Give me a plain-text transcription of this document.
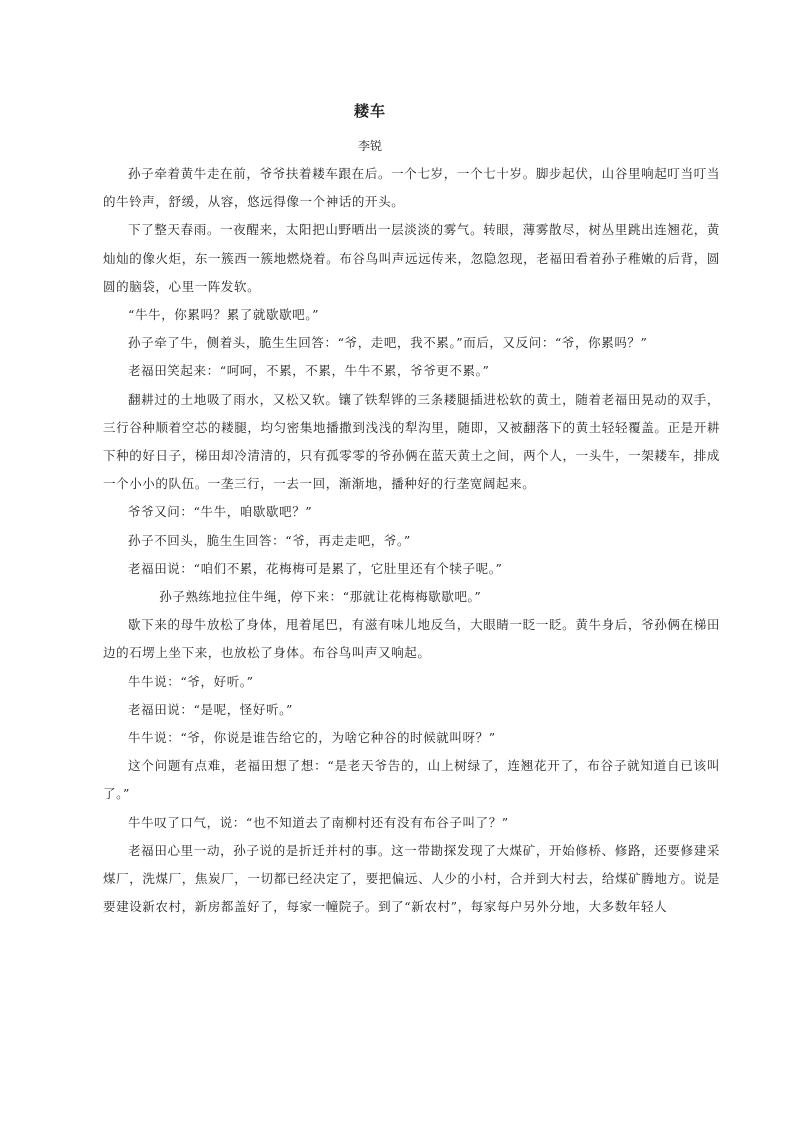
耧车
李锐

孙子牵着黄牛走在前，爷爷扶着耧车跟在后。一个七岁，一个七十岁。脚步起伏，山谷里响起叮当叮当的牛铃声，舒缓，从容，悠远得像一个神话的开头。

下了整天春雨。一夜醒来，太阳把山野晒出一层淡淡的雾气。转眼，薄雾散尽，树丛里跳出连翘花，黄灿灿的像火炬，东一簇西一簇地燃烧着。布谷鸟叫声远远传来，忽隐忽现，老福田看着孙子稚嫩的后背，圆圆的脑袋，心里一阵发软。

“牛牛，你累吗？累了就歇歇吧。”

孙子牵了牛，侧着头，脆生生回答：“爷，走吧，我不累。”而后，又反问：“爷，你累吗？”

老福田笑起来：“呵呵，不累，不累，牛牛不累，爷爷更不累。”

翻耕过的土地吸了雨水，又松又软。镶了铁犁铧的三条耧腿插进松软的黄土，随着老福田晃动的双手，三行谷种顺着空芯的耧腿，均匀密集地播撒到浅浅的犁沟里，随即，又被翻落下的黄土轻轻覆盖。正是开耕下种的好日子，梯田却冷清清的，只有孤零零的爷孙俩在蓝天黄土之间，两个人，一头牛，一架耧车，排成一个小小的队伍。一垄三行，一去一回，渐渐地，播种好的行垄宽阔起来。

爷爷又问：“牛牛，咱歇歇吧？”

孙子不回头，脆生生回答：“爷，再走走吧，爷。”

老福田说：“咱们不累，花梅梅可是累了，它肚里还有个犊子呢。”

孙子熟练地拉住牛绳，停下来：“那就让花梅梅歇歇吧。”

歇下来的母牛放松了身体，甩着尾巴，有滋有味儿地反刍，大眼睛一眨一眨。黄牛身后，爷孙俩在梯田边的石塄上坐下来，也放松了身体。布谷鸟叫声又响起。

牛牛说：“爷，好听。”

老福田说：“是呢，怪好听。”

牛牛说：“爷，你说是谁告给它的，为啥它种谷的时候就叫呀？”

这个问题有点难，老福田想了想：“是老天爷告的，山上树绿了，连翘花开了，布谷子就知道自已该叫了。”

牛牛叹了口气，说：“也不知道去了南柳村还有没有布谷子叫了？”

老福田心里一动，孙子说的是折迁并村的事。这一带勘探发现了大煤矿，开始修桥、修路，还要修建采煤厂，洗煤厂，焦炭厂，一切都已经决定了，要把偏远、人少的小村，合并到大村去，给煤矿腾地方。说是要建设新农村，新房都盖好了，每家一幢院子。到了“新农村”，每家每户另外分地，大多数年轻人
